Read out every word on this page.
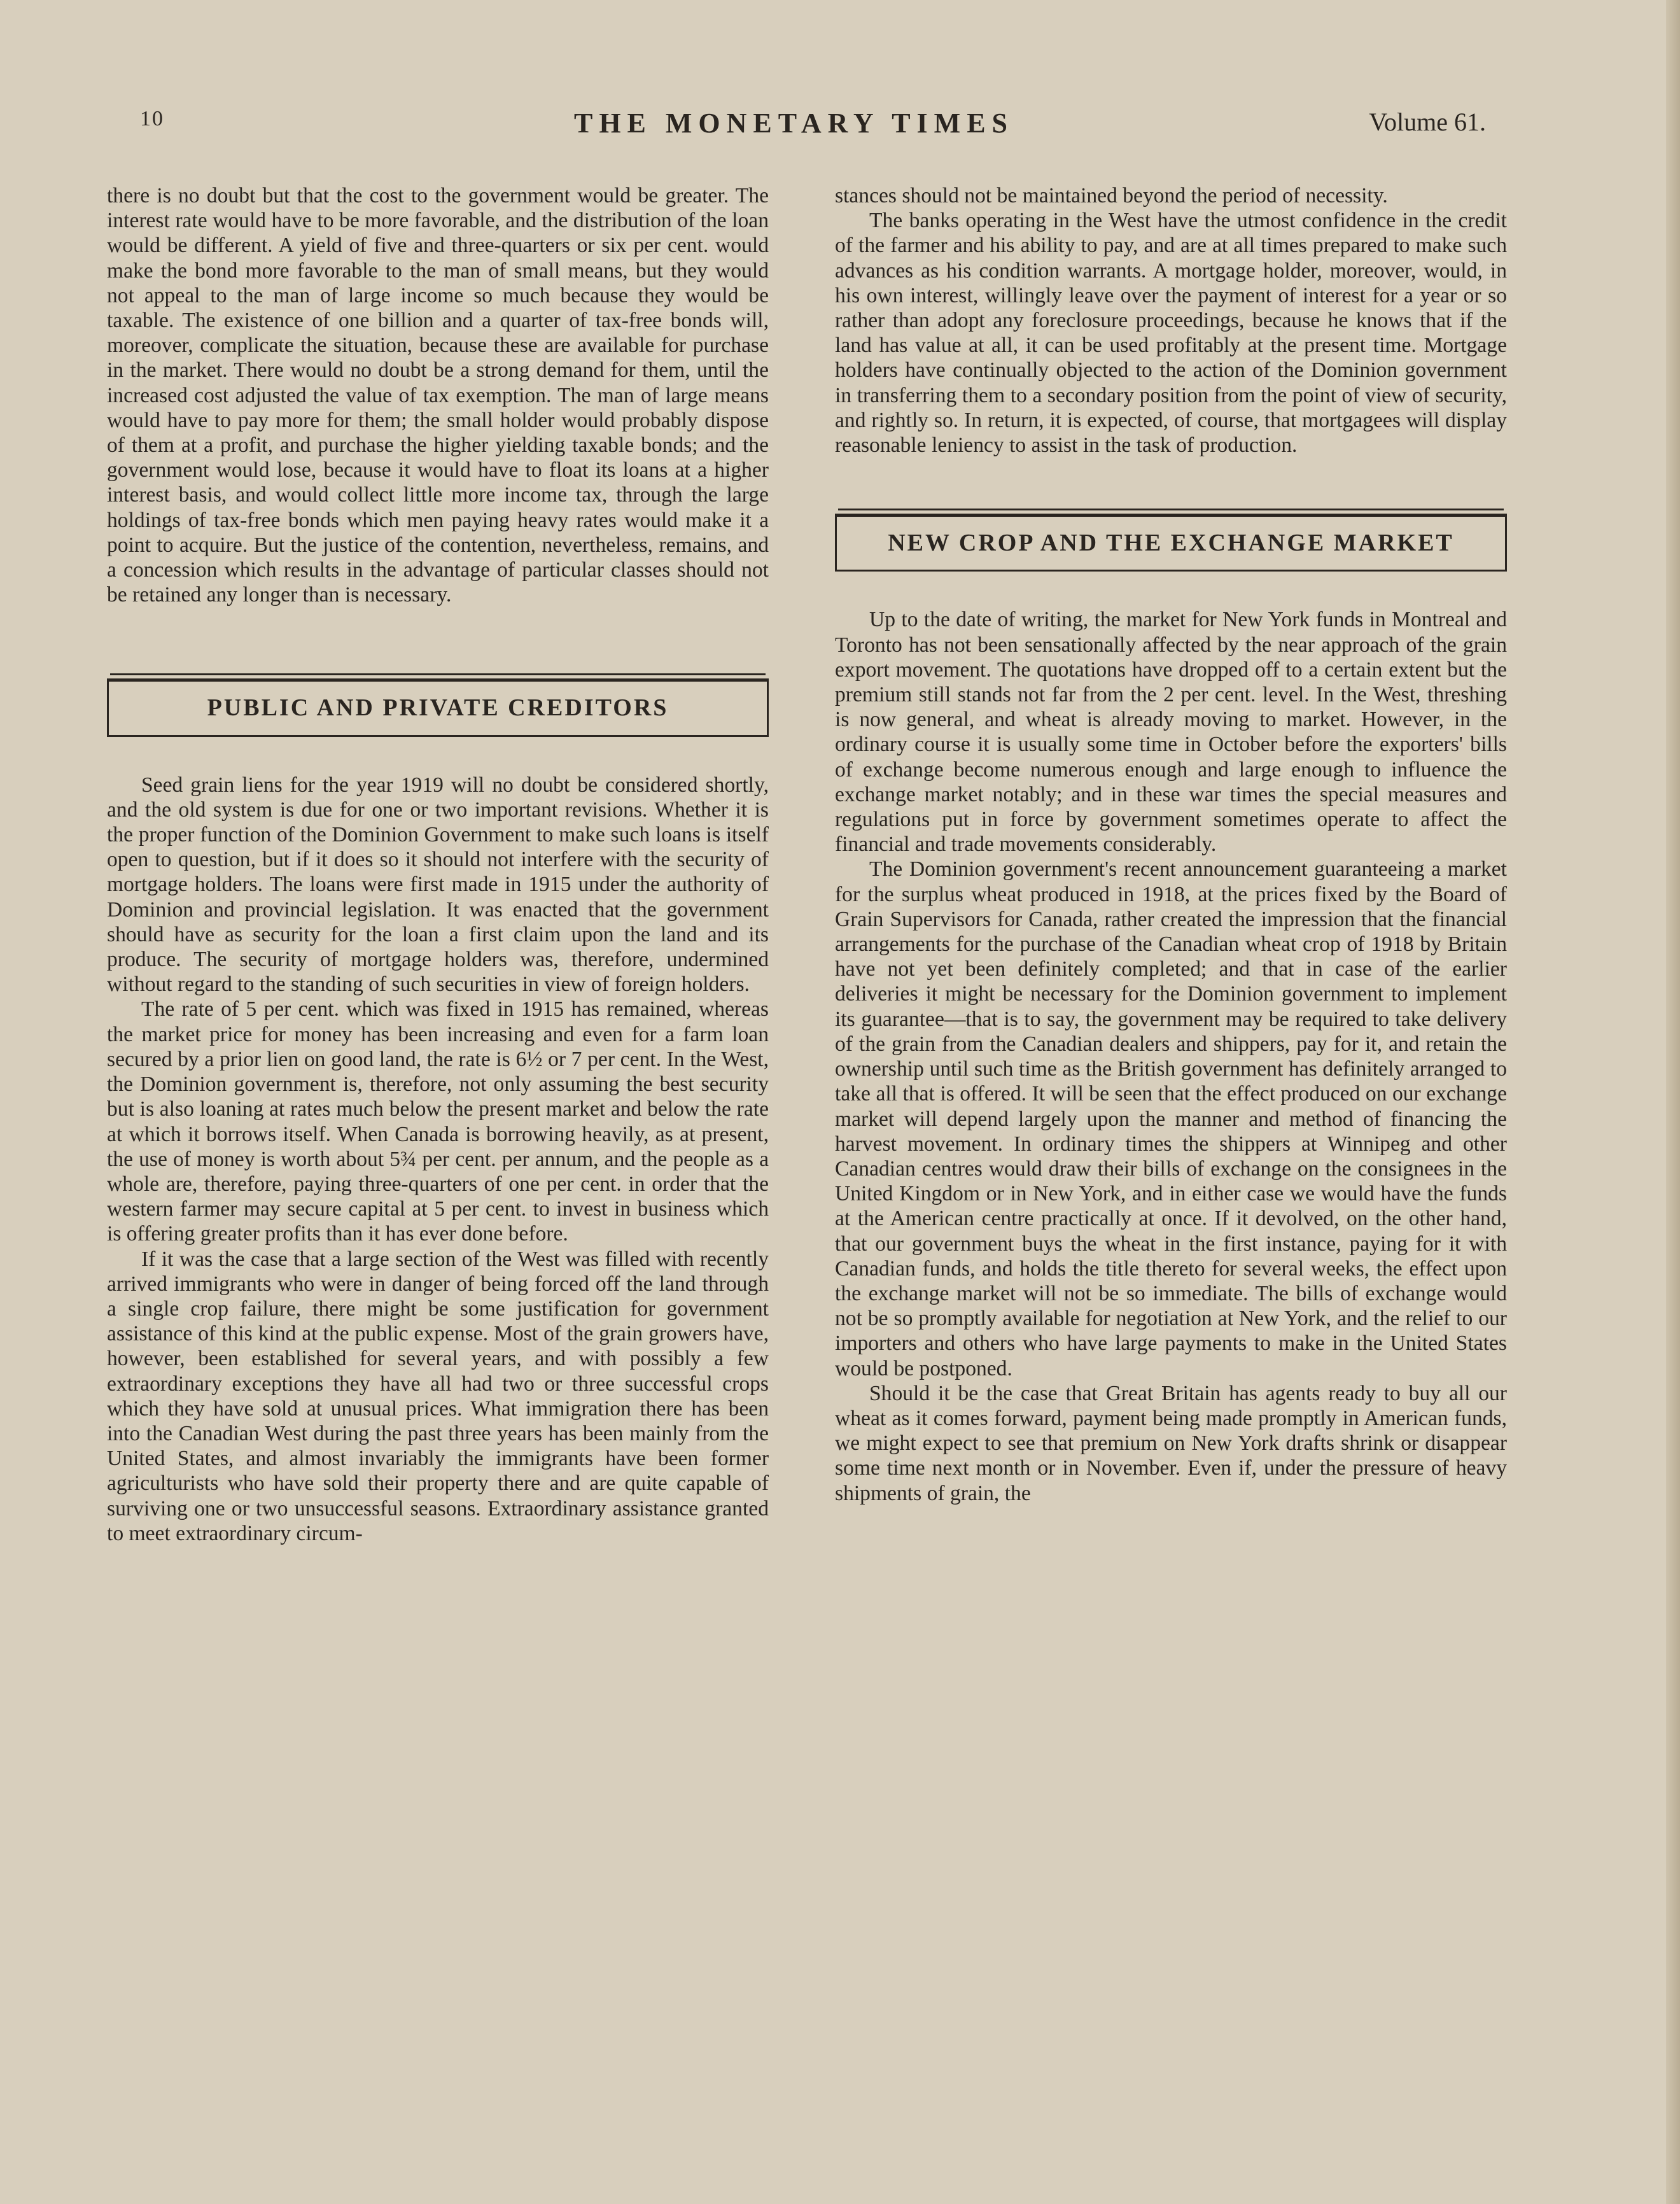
10	THE MONETARY TIMES	Volume 61.

there is no doubt but that the cost to the government would be greater. The interest rate would have to be more favorable, and the distribution of the loan would be different. A yield of five and three-quarters or six per cent. would make the bond more favorable to the man of small means, but they would not appeal to the man of large income so much because they would be taxable. The existence of one billion and a quarter of tax-free bonds will, moreover, complicate the situation, because these are available for purchase in the market. There would no doubt be a strong demand for them, until the increased cost adjusted the value of tax exemption. The man of large means would have to pay more for them; the small holder would probably dispose of them at a profit, and purchase the higher yielding taxable bonds; and the government would lose, because it would have to float its loans at a higher interest basis, and would collect little more income tax, through the large holdings of tax-free bonds which men paying heavy rates would make it a point to acquire. But the justice of the contention, nevertheless, remains, and a concession which results in the advantage of particular classes should not be retained any longer than is necessary.

PUBLIC AND PRIVATE CREDITORS

Seed grain liens for the year 1919 will no doubt be considered shortly, and the old system is due for one or two important revisions. Whether it is the proper function of the Dominion Government to make such loans is itself open to question, but if it does so it should not interfere with the security of mortgage holders. The loans were first made in 1915 under the authority of Dominion and provincial legislation. It was enacted that the government should have as security for the loan a first claim upon the land and its produce. The security of mortgage holders was, therefore, undermined without regard to the standing of such securities in view of foreign holders.

The rate of 5 per cent. which was fixed in 1915 has remained, whereas the market price for money has been increasing and even for a farm loan secured by a prior lien on good land, the rate is 6½ or 7 per cent. In the West, the Dominion government is, therefore, not only assuming the best security but is also loaning at rates much below the present market and below the rate at which it borrows itself. When Canada is borrowing heavily, as at present, the use of money is worth about 5¾ per cent. per annum, and the people as a whole are, therefore, paying three-quarters of one per cent. in order that the western farmer may secure capital at 5 per cent. to invest in business which is offering greater profits than it has ever done before.

If it was the case that a large section of the West was filled with recently arrived immigrants who were in danger of being forced off the land through a single crop failure, there might be some justification for government assistance of this kind at the public expense. Most of the grain growers have, however, been established for several years, and with possibly a few extraordinary exceptions they have all had two or three successful crops which they have sold at unusual prices. What immigration there has been into the Canadian West during the past three years has been mainly from the United States, and almost invariably the immigrants have been former agriculturists who have sold their property there and are quite capable of surviving one or two unsuccessful seasons. Extraordinary assistance granted to meet extraordinary circum-

stances should not be maintained beyond the period of necessity.

The banks operating in the West have the utmost confidence in the credit of the farmer and his ability to pay, and are at all times prepared to make such advances as his condition warrants. A mortgage holder, moreover, would, in his own interest, willingly leave over the payment of interest for a year or so rather than adopt any foreclosure proceedings, because he knows that if the land has value at all, it can be used profitably at the present time. Mortgage holders have continually objected to the action of the Dominion government in transferring them to a secondary position from the point of view of security, and rightly so. In return, it is expected, of course, that mortgagees will display reasonable leniency to assist in the task of production.

NEW CROP AND THE EXCHANGE MARKET

Up to the date of writing, the market for New York funds in Montreal and Toronto has not been sensationally affected by the near approach of the grain export movement. The quotations have dropped off to a certain extent but the premium still stands not far from the 2 per cent. level. In the West, threshing is now general, and wheat is already moving to market. However, in the ordinary course it is usually some time in October before the exporters' bills of exchange become numerous enough and large enough to influence the exchange market notably; and in these war times the special measures and regulations put in force by government sometimes operate to affect the financial and trade movements considerably.

The Dominion government's recent announcement guaranteeing a market for the surplus wheat produced in 1918, at the prices fixed by the Board of Grain Supervisors for Canada, rather created the impression that the financial arrangements for the purchase of the Canadian wheat crop of 1918 by Britain have not yet been definitely completed; and that in case of the earlier deliveries it might be necessary for the Dominion government to implement its guarantee—that is to say, the government may be required to take delivery of the grain from the Canadian dealers and shippers, pay for it, and retain the ownership until such time as the British government has definitely arranged to take all that is offered. It will be seen that the effect produced on our exchange market will depend largely upon the manner and method of financing the harvest movement. In ordinary times the shippers at Winnipeg and other Canadian centres would draw their bills of exchange on the consignees in the United Kingdom or in New York, and in either case we would have the funds at the American centre practically at once. If it devolved, on the other hand, that our government buys the wheat in the first instance, paying for it with Canadian funds, and holds the title thereto for several weeks, the effect upon the exchange market will not be so immediate. The bills of exchange would not be so promptly available for negotiation at New York, and the relief to our importers and others who have large payments to make in the United States would be postponed.

Should it be the case that Great Britain has agents ready to buy all our wheat as it comes forward, payment being made promptly in American funds, we might expect to see that premium on New York drafts shrink or disappear some time next month or in November. Even if, under the pressure of heavy shipments of grain, the
